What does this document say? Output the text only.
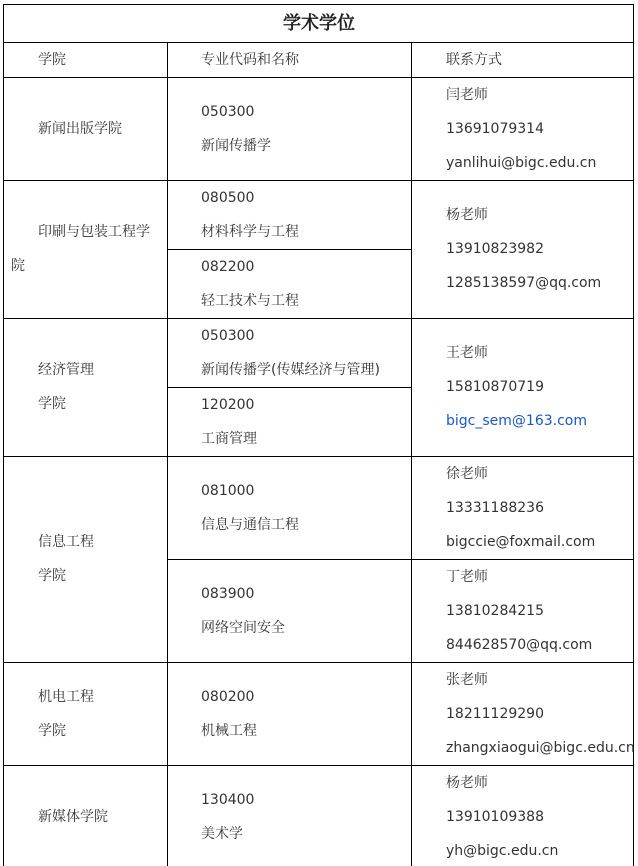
学术学位
学院	专业代码和名称	联系方式
新闻出版学院
050300
新闻传播学
闫老师
13691079314
yanlihui@bigc.edu.cn
印刷与包装工程学
院
080500
材料科学与工程
082200
轻工技术与工程
杨老师
13910823982
1285138597@qq.com
经济管理
学院
050300
新闻传播学(传媒经济与管理)
120200
工商管理
王老师
15810870719
bigc_sem@163.com
信息工程
学院
081000
信息与通信工程
083900
网络空间安全
徐老师
13331188236
bigccie@foxmail.com
丁老师
13810284215
844628570@qq.com
机电工程
学院
080200
机械工程
张老师
18211129290
zhangxiaogui@bigc.edu.cn
新媒体学院
130400
美术学
杨老师
13910109388
yh@bigc.edu.cn
